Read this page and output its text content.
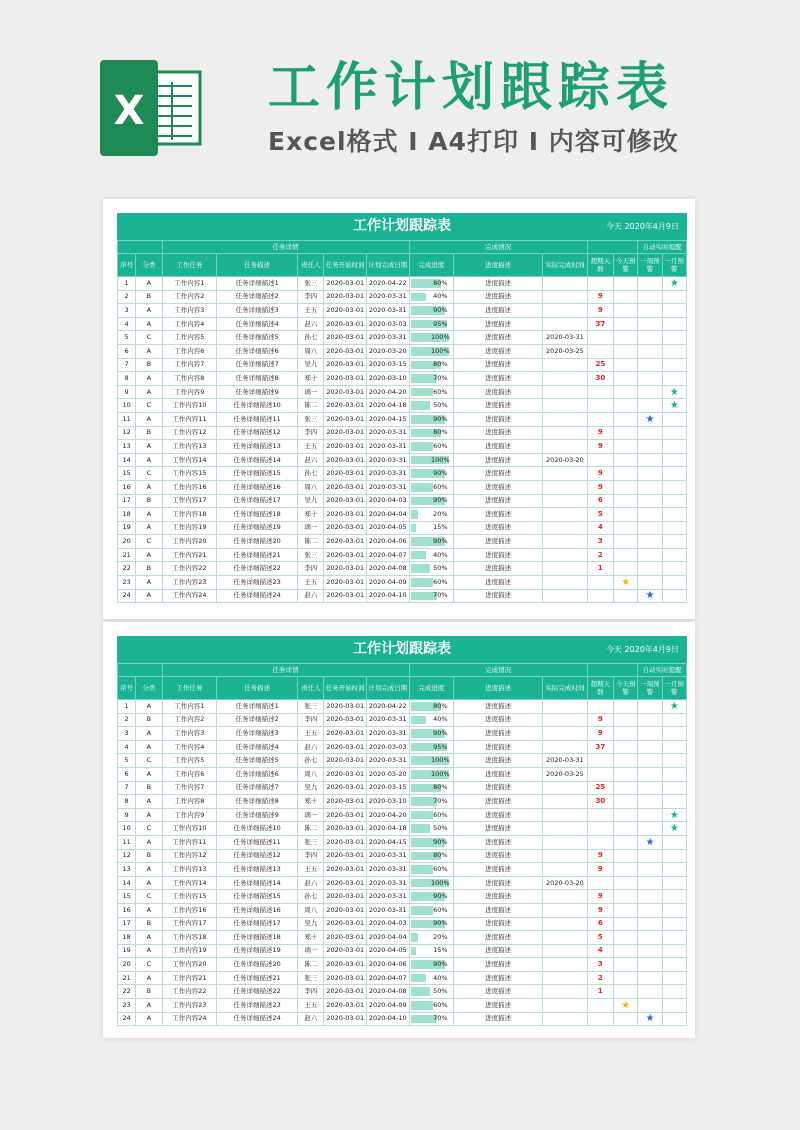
X 工作计划跟踪表
Excel格式 I A4打印 I 内容可修改
工作计划跟踪表	今天 2020年4月9日
		任务详情					完成情况					自动实时提醒	
序号	分类	工作任务	任务描述	责任人	任务开始时间	计划完成日期	完成进度	进度描述	实际完成时间	超期天数	今天预警	一周预警	一月预警
1	A	工作内容1	任务详细描述1	张三	2020-03-01	2020-04-22	80%	进度描述					★
2	B	工作内容2	任务详细描述2	李四	2020-03-01	2020-03-31	40%	进度描述		9			
3	A	工作内容3	任务详细描述3	王五	2020-03-01	2020-03-31	90%	进度描述		9			
4	A	工作内容4	任务详细描述4	赵六	2020-03-01	2020-03-03	95%	进度描述		37			
5	C	工作内容5	任务详细描述5	孙七	2020-03-01	2020-03-31	100%	进度描述	2020-03-31				
6	A	工作内容6	任务详细描述6	周八	2020-03-01	2020-03-20	100%	进度描述	2020-03-25				
7	B	工作内容7	任务详细描述7	吴九	2020-03-01	2020-03-15	80%	进度描述		25			
8	A	工作内容8	任务详细描述8	郑十	2020-03-01	2020-03-10	70%	进度描述		30			
9	A	工作内容9	任务详细描述9	璃一	2020-03-01	2020-04-20	60%	进度描述					★
10	C	工作内容10	任务详细描述10	陈二	2020-03-01	2020-04-18	50%	进度描述					★
11	A	工作内容11	任务详细描述11	张三	2020-03-01	2020-04-15	90%	进度描述				★	
12	B	工作内容12	任务详细描述12	李四	2020-03-01	2020-03-31	80%	进度描述		9			
13	A	工作内容13	任务详细描述13	王五	2020-03-01	2020-03-31	60%	进度描述		9			
14	A	工作内容14	任务详细描述14	赵六	2020-03-01	2020-03-31	100%	进度描述	2020-03-20				
15	C	工作内容15	任务详细描述15	孙七	2020-03-01	2020-03-31	90%	进度描述		9			
16	A	工作内容16	任务详细描述16	周八	2020-03-01	2020-03-31	60%	进度描述		9			
17	B	工作内容17	任务详细描述17	吴九	2020-03-01	2020-04-03	90%	进度描述		6			
18	A	工作内容18	任务详细描述18	郑十	2020-03-01	2020-04-04	20%	进度描述		5			
19	A	工作内容19	任务详细描述19	璃一	2020-03-01	2020-04-05	15%	进度描述		4			
20	C	工作内容20	任务详细描述20	陈二	2020-03-01	2020-04-06	90%	进度描述		3			
21	A	工作内容21	任务详细描述21	张三	2020-03-01	2020-04-07	40%	进度描述		2			
22	B	工作内容22	任务详细描述22	李四	2020-03-01	2020-04-08	50%	进度描述		1			
23	A	工作内容23	任务详细描述23	王五	2020-03-01	2020-04-09	60%	进度描述			★		
24	A	工作内容24	任务详细描述24	赵六	2020-03-01	2020-04-10	70%	进度描述				★	
工作计划跟踪表	今天 2020年4月9日
		任务详情					完成情况					自动实时提醒	
序号	分类	工作任务	任务描述	责任人	任务开始时间	计划完成日期	完成进度	进度描述	实际完成时间	超期天数	今天预警	一周预警	一月预警
1	A	工作内容1	任务详细描述1	张三	2020-03-01	2020-04-22	80%	进度描述					★
2	B	工作内容2	任务详细描述2	李四	2020-03-01	2020-03-31	40%	进度描述		9			
3	A	工作内容3	任务详细描述3	王五	2020-03-01	2020-03-31	90%	进度描述		9			
4	A	工作内容4	任务详细描述4	赵六	2020-03-01	2020-03-03	95%	进度描述		37			
5	C	工作内容5	任务详细描述5	孙七	2020-03-01	2020-03-31	100%	进度描述	2020-03-31				
6	A	工作内容6	任务详细描述6	周八	2020-03-01	2020-03-20	100%	进度描述	2020-03-25				
7	B	工作内容7	任务详细描述7	吴九	2020-03-01	2020-03-15	80%	进度描述		25			
8	A	工作内容8	任务详细描述8	郑十	2020-03-01	2020-03-10	70%	进度描述		30			
9	A	工作内容9	任务详细描述9	璃一	2020-03-01	2020-04-20	60%	进度描述					★
10	C	工作内容10	任务详细描述10	陈二	2020-03-01	2020-04-18	50%	进度描述					★
11	A	工作内容11	任务详细描述11	张三	2020-03-01	2020-04-15	90%	进度描述				★	
12	B	工作内容12	任务详细描述12	李四	2020-03-01	2020-03-31	80%	进度描述		9			
13	A	工作内容13	任务详细描述13	王五	2020-03-01	2020-03-31	60%	进度描述		9			
14	A	工作内容14	任务详细描述14	赵六	2020-03-01	2020-03-31	100%	进度描述	2020-03-20				
15	C	工作内容15	任务详细描述15	孙七	2020-03-01	2020-03-31	90%	进度描述		9			
16	A	工作内容16	任务详细描述16	周八	2020-03-01	2020-03-31	60%	进度描述		9			
17	B	工作内容17	任务详细描述17	吴九	2020-03-01	2020-04-03	90%	进度描述		6			
18	A	工作内容18	任务详细描述18	郑十	2020-03-01	2020-04-04	20%	进度描述		5			
19	A	工作内容19	任务详细描述19	璃一	2020-03-01	2020-04-05	15%	进度描述		4			
20	C	工作内容20	任务详细描述20	陈二	2020-03-01	2020-04-06	90%	进度描述		3			
21	A	工作内容21	任务详细描述21	张三	2020-03-01	2020-04-07	40%	进度描述		2			
22	B	工作内容22	任务详细描述22	李四	2020-03-01	2020-04-08	50%	进度描述		1			
23	A	工作内容23	任务详细描述23	王五	2020-03-01	2020-04-09	60%	进度描述			★		
24	A	工作内容24	任务详细描述24	赵六	2020-03-01	2020-04-10	70%	进度描述				★	
